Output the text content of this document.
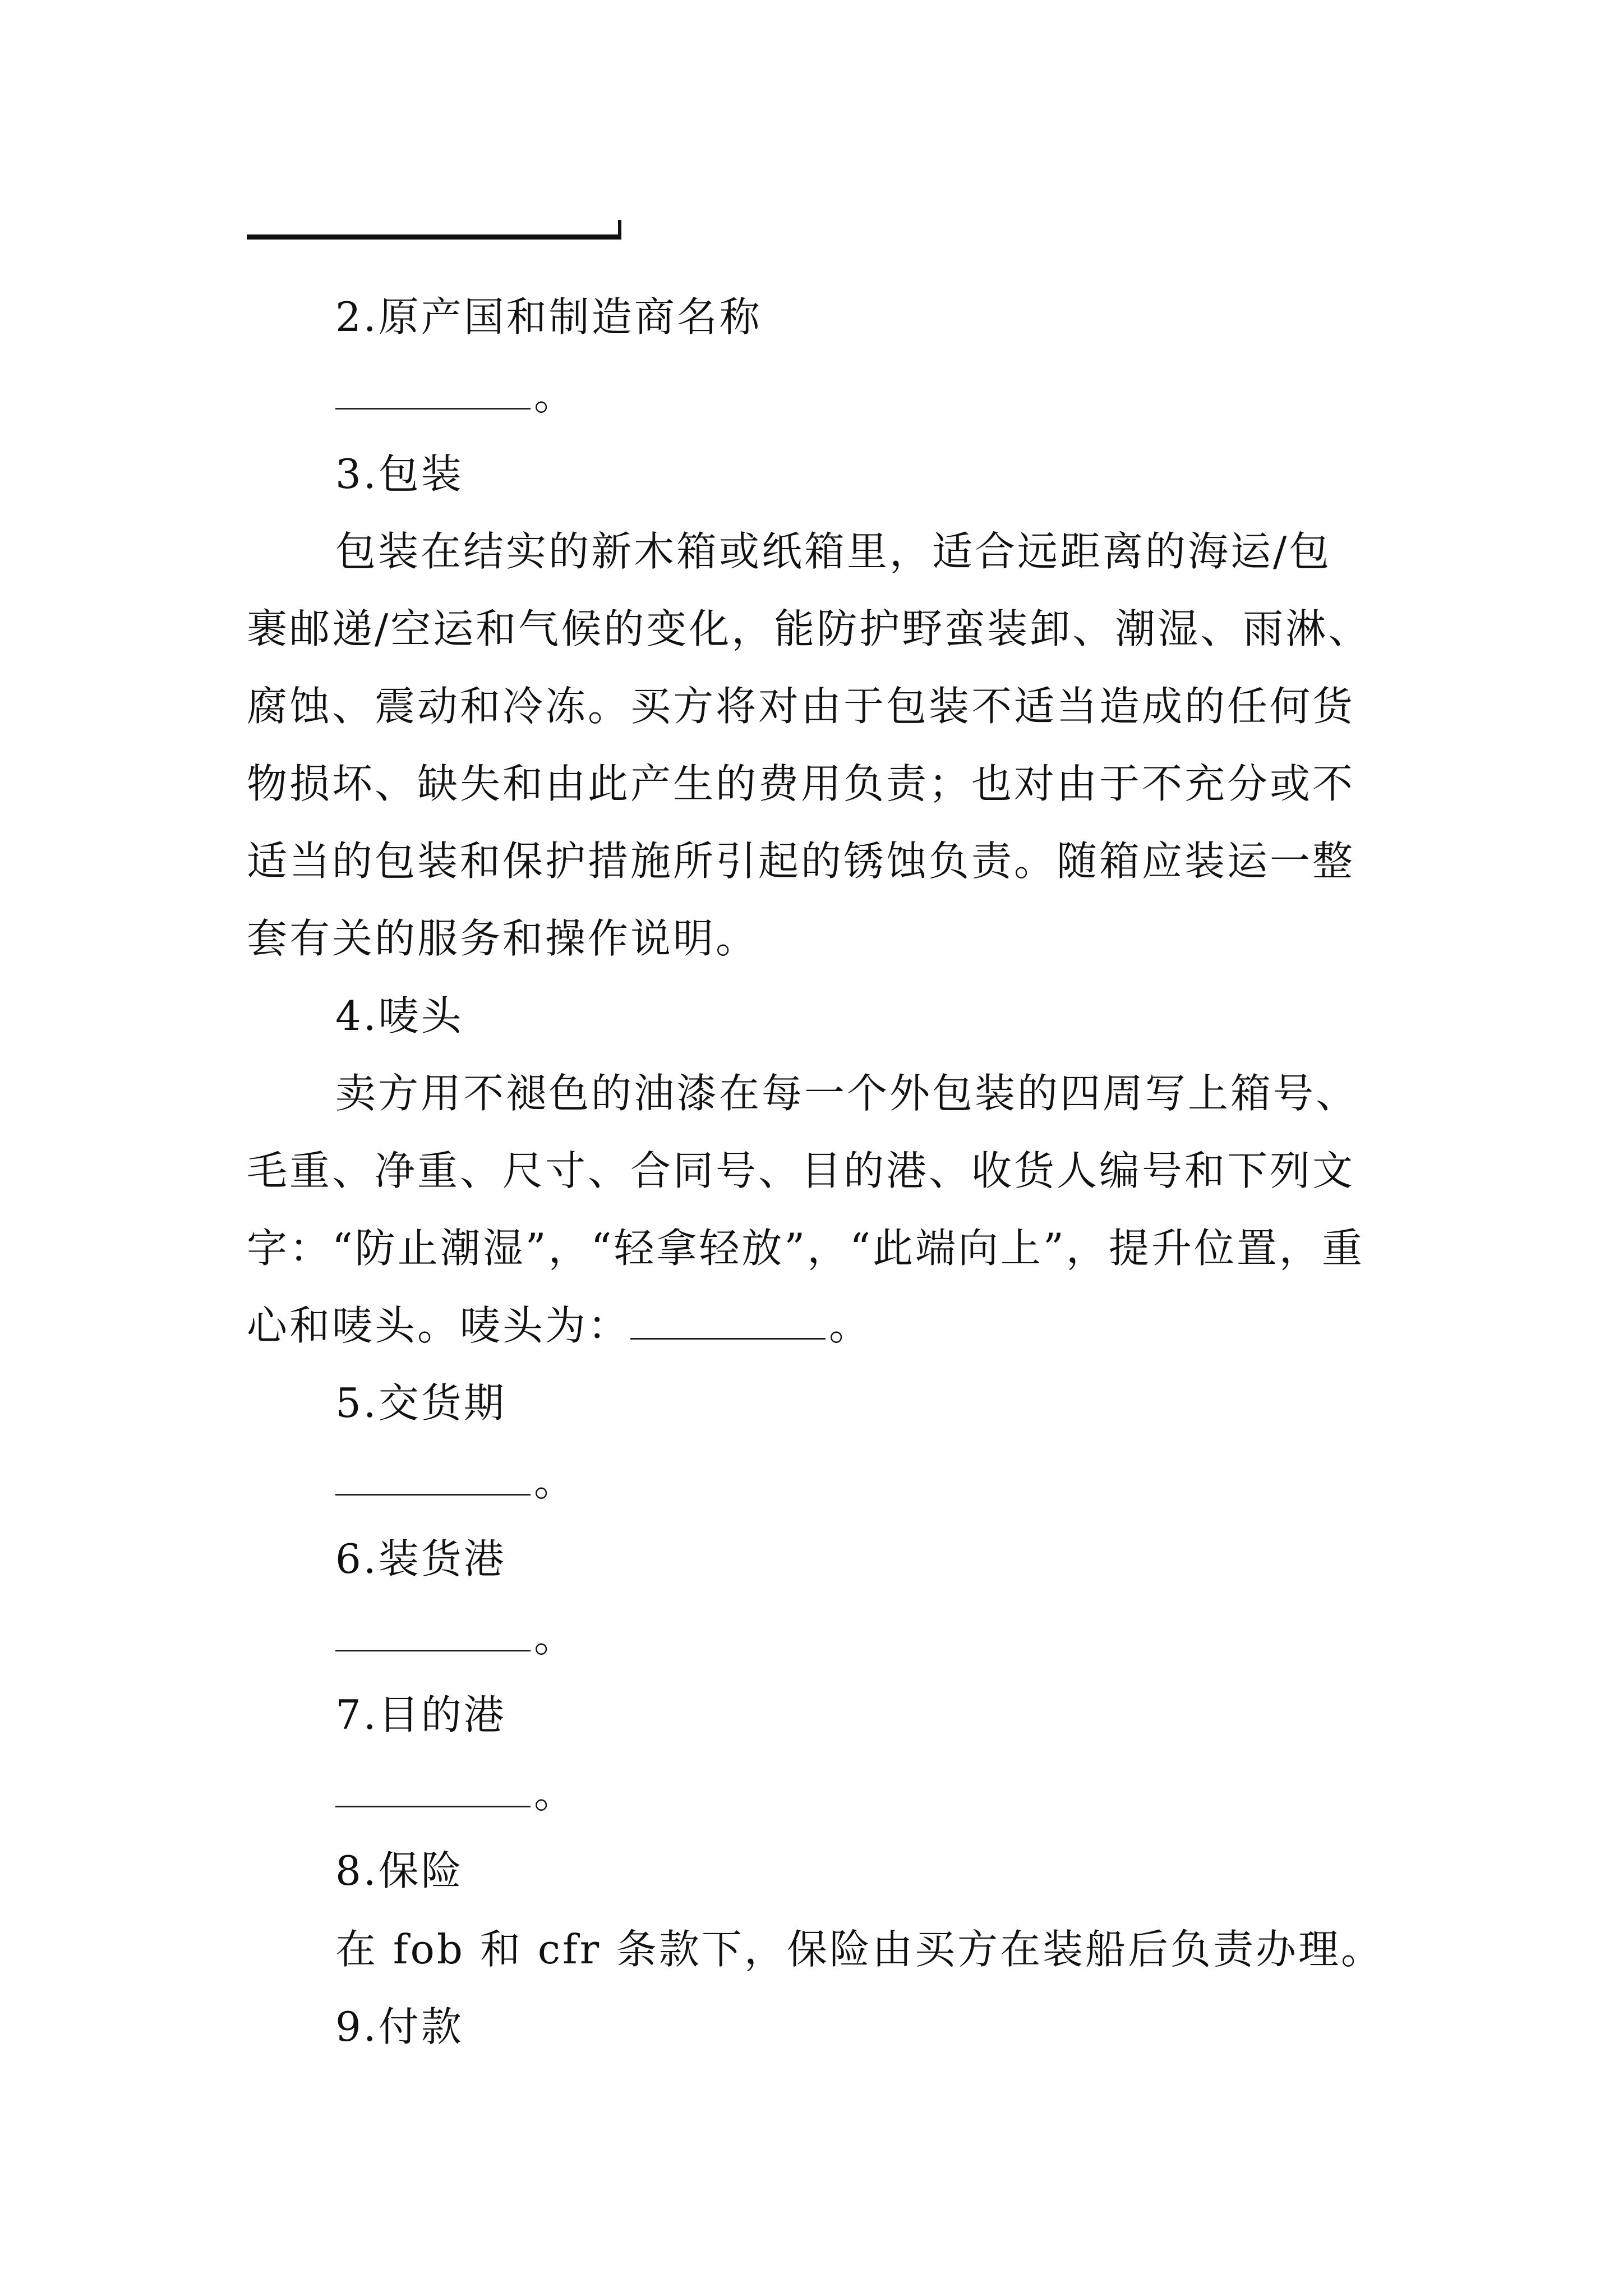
2.原产国和制造商名称
。
3.包装
包装在结实的新木箱或纸箱里，适合远距离的海运/包
裹邮递/空运和气候的变化，能防护野蛮装卸、潮湿、雨淋、
腐蚀、震动和冷冻。买方将对由于包装不适当造成的任何货
物损坏、缺失和由此产生的费用负责；也对由于不充分或不
适当的包装和保护措施所引起的锈蚀负责。随箱应装运一整
套有关的服务和操作说明。
4.唛头
卖方用不褪色的油漆在每一个外包装的四周写上箱号、
毛重、净重、尺寸、合同号、目的港、收货人编号和下列文
字：“防止潮湿”，“轻拿轻放”，“此端向上”，提升位置，重
心和唛头。唛头为：	。
5.交货期
。
6.装货港
。
7.目的港
。
8.保险
在 fob 和 cfr 条款下，保险由买方在装船后负责办理。
9.付款
